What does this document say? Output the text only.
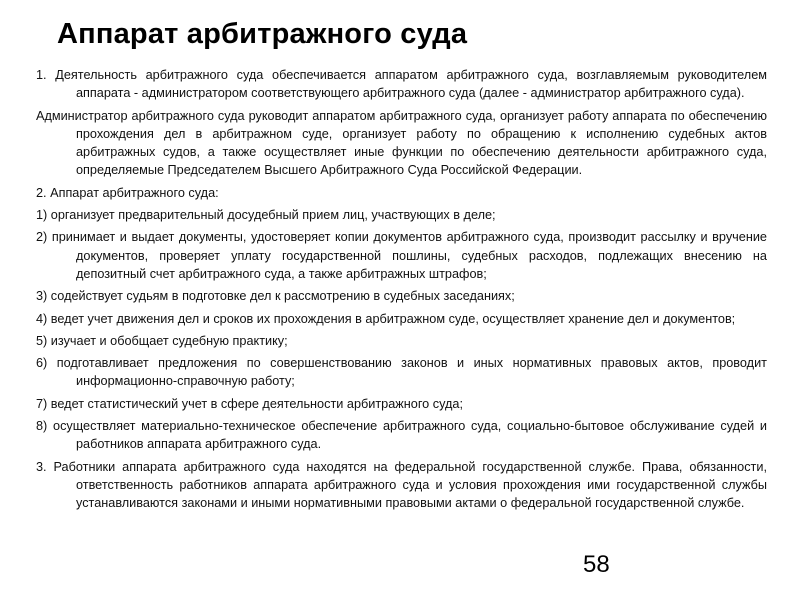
Аппарат арбитражного суда

1. Деятельность арбитражного суда обеспечивается аппаратом арбитражного суда, возглавляемым руководителем аппарата - администратором соответствующего арбитражного суда (далее - администратор арбитражного суда).

Администратор арбитражного суда руководит аппаратом арбитражного суда, организует работу аппарата по обеспечению прохождения дел в арбитражном суде, организует работу по обращению к исполнению судебных актов арбитражных судов, а также осуществляет иные функции по обеспечению деятельности арбитражного суда, определяемые Председателем Высшего Арбитражного Суда Российской Федерации.

2. Аппарат арбитражного суда:

1) организует предварительный досудебный прием лиц, участвующих в деле;

2) принимает и выдает документы, удостоверяет копии документов арбитражного суда, производит рассылку и вручение документов, проверяет уплату государственной пошлины, судебных расходов, подлежащих внесению на депозитный счет арбитражного суда, а также арбитражных штрафов;

3) содействует судьям в подготовке дел к рассмотрению в судебных заседаниях;

4) ведет учет движения дел и сроков их прохождения в арбитражном суде, осуществляет хранение дел и документов;

5) изучает и обобщает судебную практику;

6) подготавливает предложения по совершенствованию законов и иных нормативных правовых актов, проводит информационно-справочную работу;

7) ведет статистический учет в сфере деятельности арбитражного суда;

8) осуществляет материально-техническое обеспечение арбитражного суда, социально-бытовое обслуживание судей и работников аппарата арбитражного суда.

3. Работники аппарата арбитражного суда находятся на федеральной государственной службе. Права, обязанности, ответственность работников аппарата арбитражного суда и условия прохождения ими государственной службы устанавливаются законами и иными нормативными правовыми актами о федеральной государственной службе.

58
